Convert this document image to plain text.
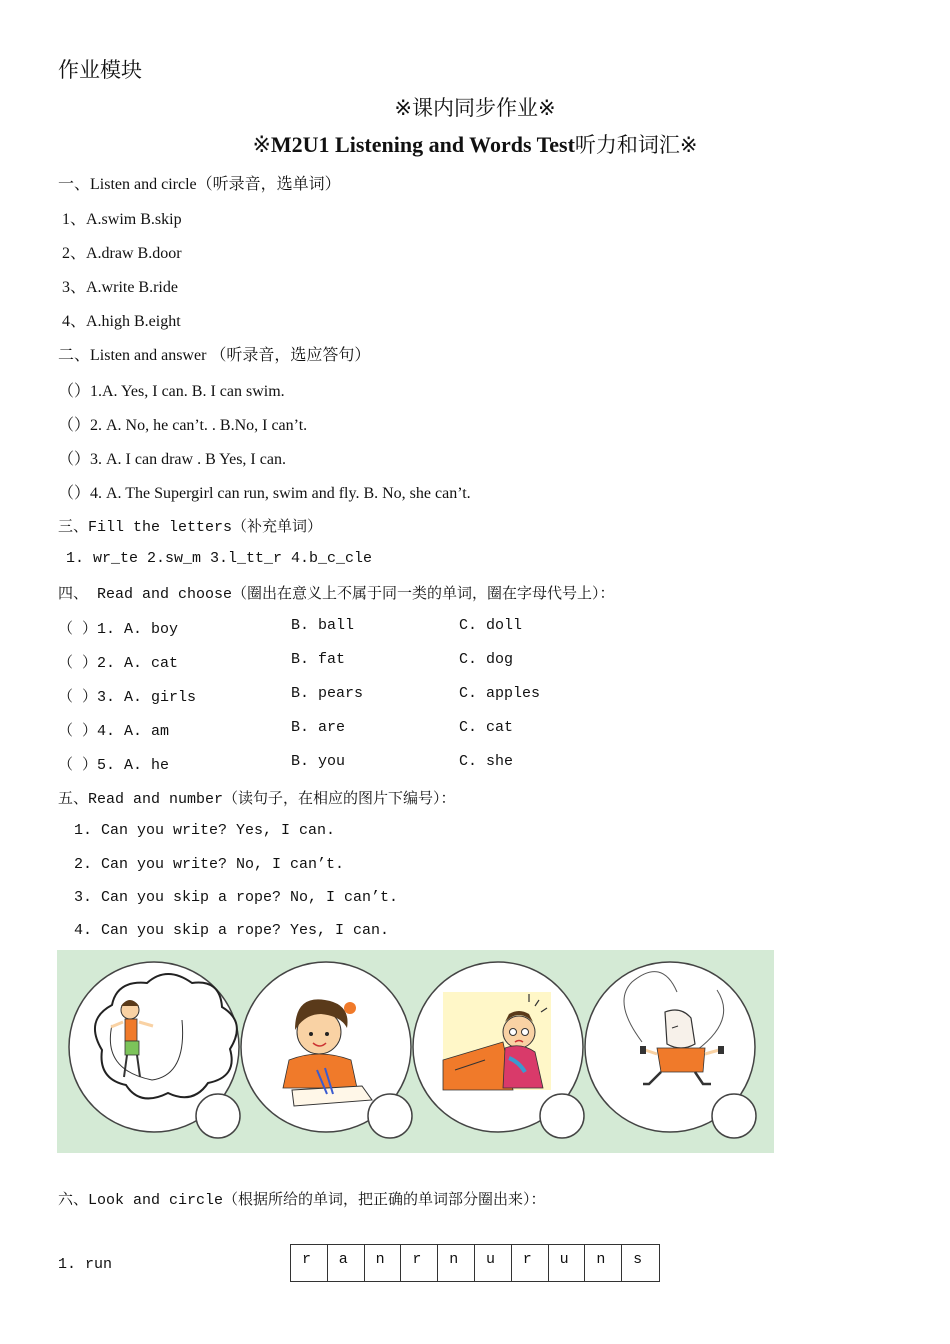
作业模块
※课内同步作业※
※M2U1 Listening and Words Test听力和词汇※
一、Listen and circle（听录音，选单词）
1、A.swim B.skip
2、A.draw B.door
3、A.write B.ride
4、A.high B.eight
二、Listen and answer （听录音，选应答句）
（）1.A. Yes, I can. B. I can swim.
（）2. A. No, he can’t. . B.No, I can’t.
（）3. A. I can draw . B Yes, I can.
（）4. A. The Supergirl can run, swim and fly. B. No, she can’t.
三、Fill the letters（补充单词）
1. wr_te 2.sw_m 3.l_tt_r 4.b_c_cle
四、 Read and choose（圈出在意义上不属于同一类的单词，圈在字母代号上）：
（ ）1. A. boy	B. ball	C. doll
（ ）2. A. cat	B. fat	C. dog
（ ）3. A. girls	B. pears	C. apples
（ ）4. A. am	B. are	C. cat
（ ）5. A. he	B. you	C. she
五、Read and number（读句子，在相应的图片下编号）：
1. Can you write? Yes, I can.
2. Can you write? No, I can’t.
3. Can you skip a rope? No, I can’t.
4. Can you skip a rope? Yes, I can.
六、Look and circle（根据所给的单词，把正确的单词部分圈出来）：
1. run	r	a	n	r	n	u	r	u	n	s
